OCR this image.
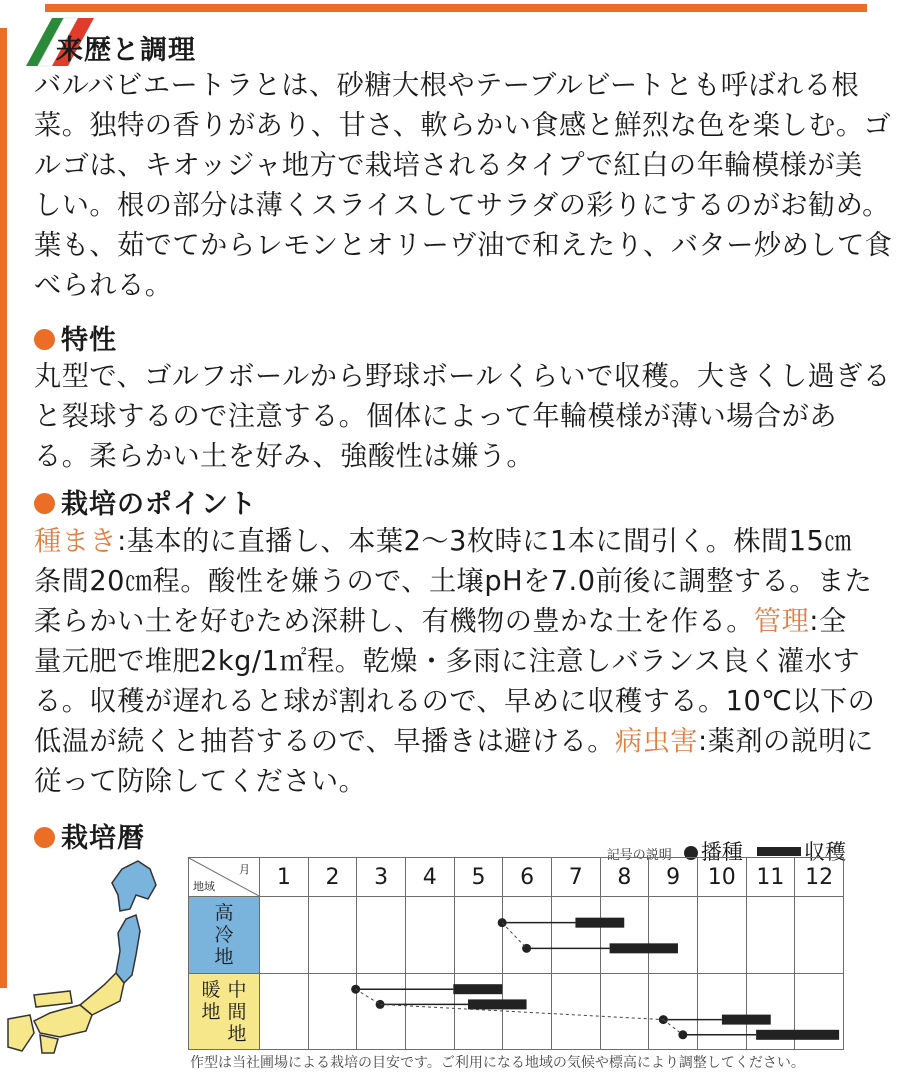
来歴と調理
バルバビエートラとは、砂糖大根やテーブルビートとも呼ばれる根
菜。独特の香りがあり、甘さ、軟らかい食感と鮮烈な色を楽しむ。ゴ
ルゴは、キオッジャ地方で栽培されるタイプで紅白の年輪模様が美
しい。根の部分は薄くスライスしてサラダの彩りにするのがお勧め。
葉も、茹でてからレモンとオリーヴ油で和えたり、バター炒めして食
べられる。
特性
丸型で、ゴルフボールから野球ボールくらいで収穫。大きくし過ぎる
と裂球するので注意する。個体によって年輪模様が薄い場合があ
る。柔らかい土を好み、強酸性は嫌う。
栽培のポイント
種まき:基本的に直播し、本葉2〜3枚時に1本に間引く。株間15㎝
条間20㎝程。酸性を嫌うので、土壌pHを7.0前後に調整する。また
柔らかい土を好むため深耕し、有機物の豊かな土を作る。管理:全
量元肥で堆肥2kg/1㎡程。乾燥・多雨に注意しバランス良く灌水す
る。収穫が遅れると球が割れるので、早めに収穫する。10℃以下の
低温が続くと抽苔するので、早播きは避ける。病虫害:薬剤の説明に
従って防除してください。
栽培暦
記号の説明 播種	収穫
月
地域	1	2	3	4	5	6	7	8	9	10	11	12
高冷地												
暖地中間地												
作型は当社圃場による栽培の目安です。ご利用になる地域の気候や標高により調整してください。
